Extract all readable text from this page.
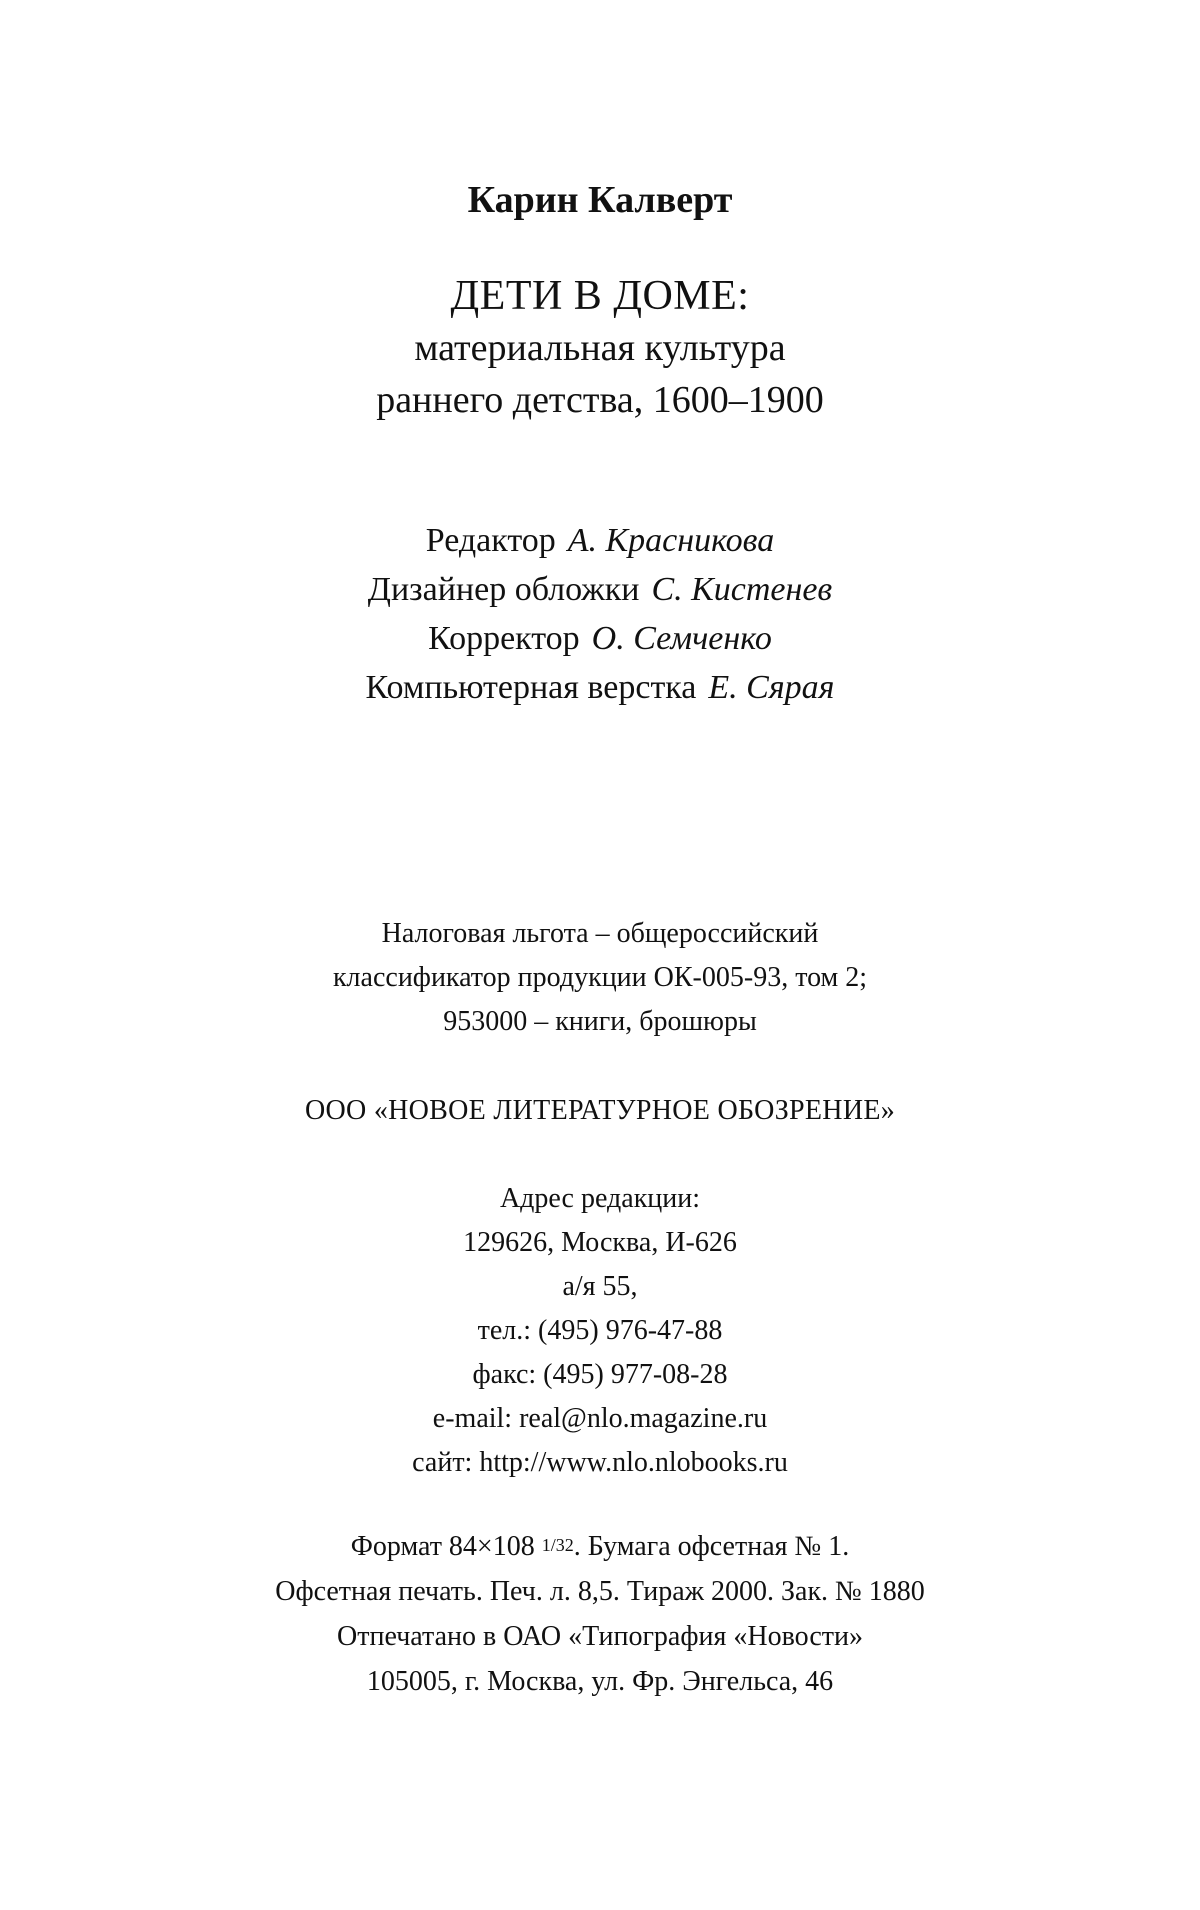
Карин Калверт
ДЕТИ В ДОМЕ:
материальная культура
раннего детства, 1600–1900
Редактор А. Красникова
Дизайнер обложки С. Кистенев
Корректор О. Семченко
Компьютерная верстка Е. Сярая
Налоговая льгота – общероссийский
классификатор продукции ОК-005-93, том 2;
953000 – книги, брошюры
ООО «НОВОЕ ЛИТЕРАТУРНОЕ ОБОЗРЕНИЕ»
Адрес редакции:
129626, Москва, И-626
а/я 55,
тел.: (495) 976-47-88
факс: (495) 977-08-28
e-mail: real@nlo.magazine.ru
сайт: http://www.nlo.nlobooks.ru
Формат 84×108 1/32. Бумага офсетная № 1.
Офсетная печать. Печ. л. 8,5. Тираж 2000. Зак. № 1880
Отпечатано в ОАО «Типография «Новости»
105005, г. Москва, ул. Фр. Энгельса, 46
